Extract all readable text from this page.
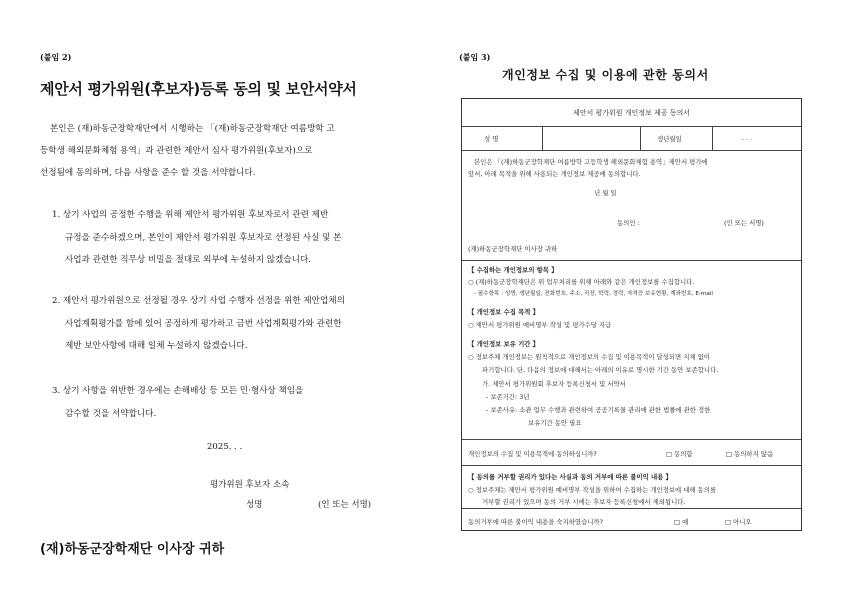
(붙임 2)
제안서 평가위원(후보자)등록 동의 및 보안서약서
본인은 (재)하동군장학재단에서 시행하는 「(재)하동군장학재단 여름방학 고
등학생 해외문화체험 용역」과 관련한 제안서 심사 평가위원(후보자)으로
선정됨에 동의하며, 다음 사항을 준수 할 것을 서약합니다.
1. 상기 사업의 공정한 수행을 위해 제안서 평가위원 후보자로서 관련 제반
규정을 준수하겠으며, 본인이 제안서 평가위원 후보자로 선정된 사실 및 본
사업과 관련한 직무상 비밀을 절대로 외부에 누설하지 않겠습니다.
2. 제안서 평가위원으로 선정될 경우 상기 사업 수행자 선정을 위한 제안업체의
사업계획평가를 함에 있어 공정하게 평가하고 금번 사업계획평가와 관련한
제반 보안사항에 대해 일체 누설하지 않겠습니다.
3. 상기 사항을 위반한 경우에는 손해배상 등 모든 민·형사상 책임을
감수할 것을 서약합니다.
2025. . .
평가위원 후보자 소속
성명	(인 또는 서명)
(재)하동군장학재단 이사장 귀하
(붙임 3)
개인정보 수집 및 이용에 관한 동의서
제안서 평가위원 개인정보 제공 동의서
성 명	생년월일	. . .
본인은 「(재)하동군장학재단 여름방학 고등학생 해외문화체험 용역」제안서 평가에
앞서, 아래 목적을 위해 사용되는 개인정보 제공에 동의합니다.
년 월 일
동의인 :	(인 또는 서명)
(재)하동군장학재단 이사장 귀하
【 수집하는 개인정보의 항목 】
○ (재)하동군장학재단은 위 업무처리를 위해 아래와 같은 개인정보를 수집합니다.
- 필수항목 : 성명, 생년월일, 전화번호, 주소, 직장, 학력, 경력, 자격증 보유현황, 계좌번호, E-mail
【 개인정보 수집 목적 】
○ 제안서 평가위원 예비명부 작성 및 평가수당 지급
【 개인정보 보유 기간 】
○ 정보주체 개인정보는 원칙적으로 개인정보의 수집 및 이용목적이 달성되면 지체 없이
파기합니다. 단, 다음의 정보에 대해서는 아래의 이유로 명시한 기간 동안 보존합니다.
가. 제안서 평가위원회 후보자 등록신청서 및 서약서
- 보존기간: 3년
- 보존사유: 소관 업무 수행과 관련하여 공공기록물 관리에 관한 법률에 관한 정한
보유기간 동안 필요
개인정보의 수집 및 이용목적에 동의하십니까?	□ 동의함	□ 동의하지 않음
【 동의를 거부할 권리가 있다는 사실과 동의 거부에 따른 불이익 내용 】
○ 정보주체는 제안서 평가위원 예비명부 작성을 위하여 수집하는 개인정보에 대해 동의를
거부할 권리가 있으며 동의 거부 시에는 후보자 등록신청에서 제외됩니다.
동의거부에 따른 불이익 내용을 숙지하였습니까?	□ 예	□ 아니오
